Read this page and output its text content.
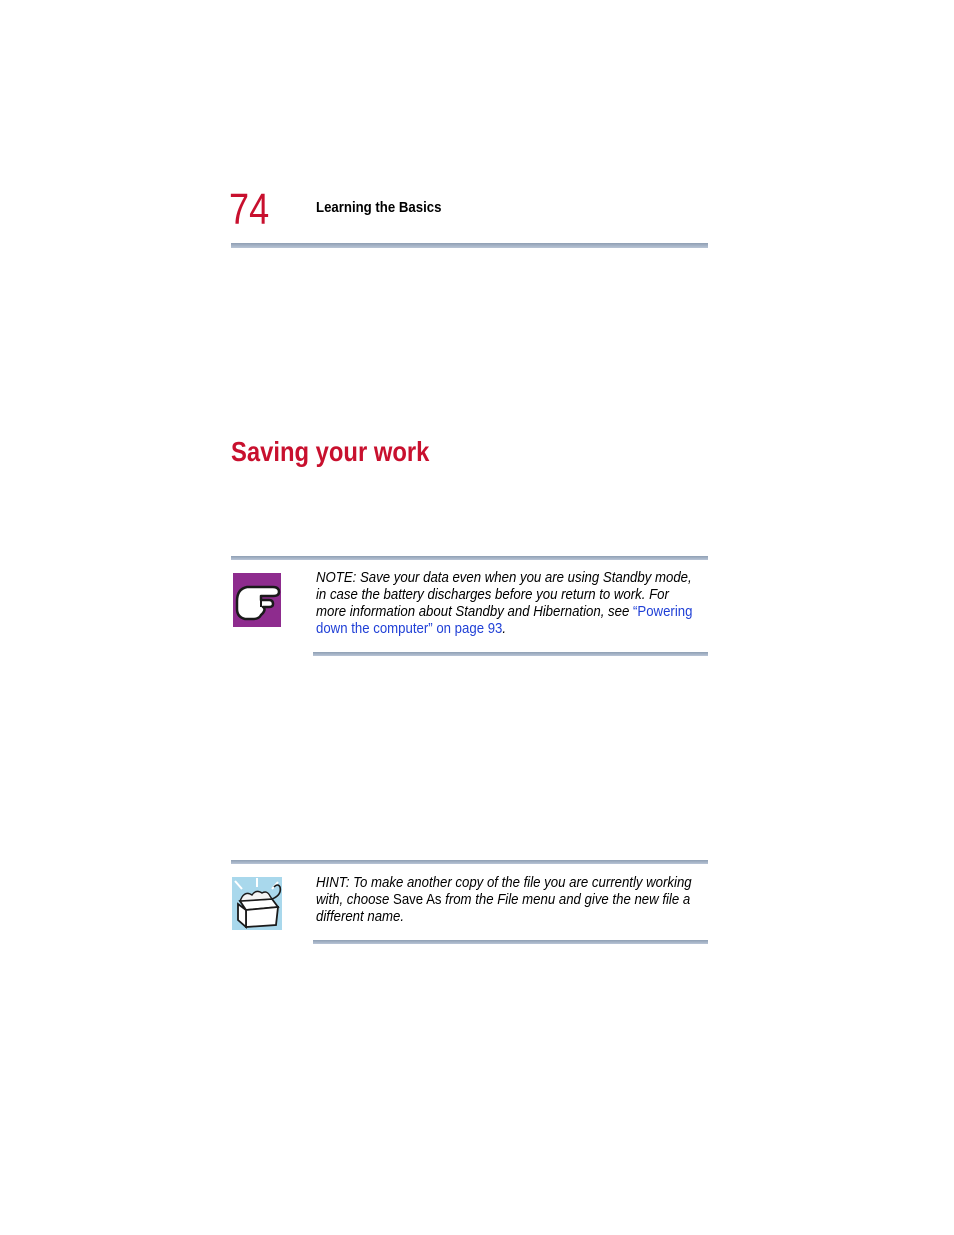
74	Learning the Basics
Saving your work
NOTE: Save your data even when you are using Standby mode, in case the battery discharges before you return to work. For more information about Standby and Hibernation, see “Powering down the computer” on page 93.
HINT: To make another copy of the file you are currently working with, choose Save As from the File menu and give the new file a different name.
